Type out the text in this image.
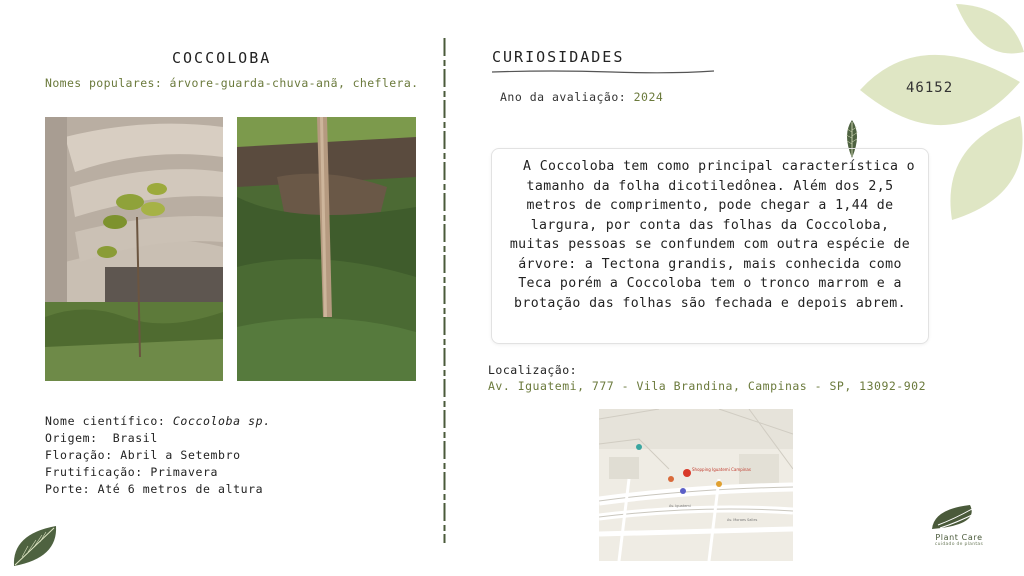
COCCOLOBA
Nomes populares: árvore-guarda-chuva-anã, cheflera.
Nome científico: Coccoloba sp.
Origem:  Brasil
Floração: Abril a Setembro
Frutificação: Primavera
Porte: Até 6 metros de altura
CURIOSIDADES
Ano da avaliação: 2024

A Coccoloba tem como principal característica o tamanho da folha dicotiledônea. Além dos 2,5 metros de comprimento, pode chegar a 1,44 de largura, por conta das folhas da Coccoloba, muitas pessoas se confundem com outra espécie de árvore: a Tectona grandis, mais conhecida como Teca porém a Coccoloba tem o tronco marrom e a brotação das folhas são fechada e depois abrem.

Localização:
Av. Iguatemi, 777 - Vila Brandina, Campinas - SP, 13092-902
Shopping Iguatemi Campinas
Av. Iguatemi
Av. Moraes Salles
46152
Plant Care
cuidado de plantas
